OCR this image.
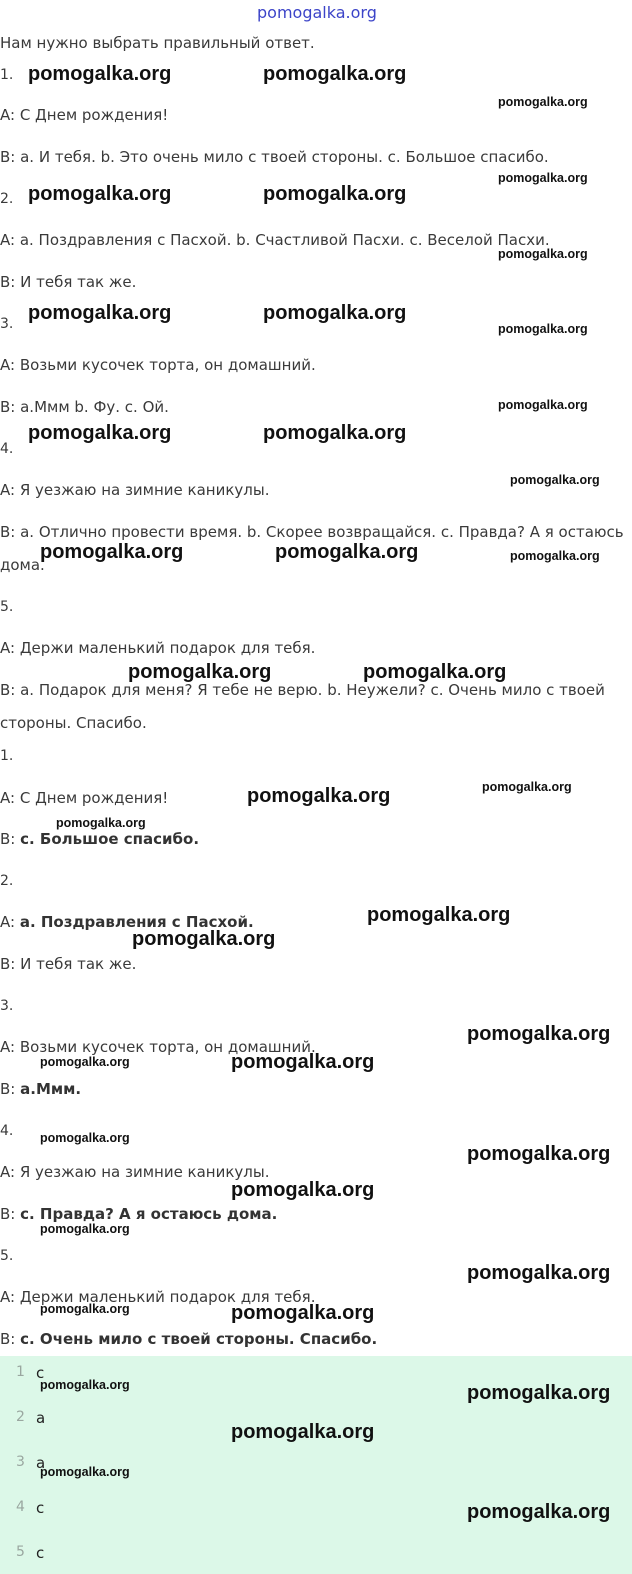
pomogalka.org
Нам нужно выбрать правильный ответ.
1.
A: С Днем рождения!
B: а. И тебя. b. Это очень мило с твоей стороны. c. Большое спасибо.
2.
A: а. Поздравления с Пасхой. b. Счастливой Пасхи. c. Веселой Пасхи.
B: И тебя так же.
3.
A: Возьми кусочек торта, он домашний.
B: а.Ммм b. Фу. c. Ой.
4.
A: Я уезжаю на зимние каникулы.
B: а. Отлично провести время. b. Скорее возвращайся. c. Правда? А я остаюсь
дома.
5.
A: Держи маленький подарок для тебя.
B: а. Подарок для меня? Я тебе не верю. b. Неужели? c. Очень мило с твоей
стороны. Спасибо.
1.
A: С Днем рождения!
B: с. Большое спасибо.
2.
A: а. Поздравления с Пасхой.
B: И тебя так же.
3.
A: Возьми кусочек торта, он домашний.
B: а.Ммм.
4.
A: Я уезжаю на зимние каникулы.
B: с. Правда? А я остаюсь дома.
5.
A: Держи маленький подарок для тебя.
B: с. Очень мило с твоей стороны. Спасибо.
1 c
2 a
3 a
4 c
5 c
pomogalka.org	pomogalka.org
pomogalka.org
pomogalka.org
pomogalka.org	pomogalka.org
pomogalka.org
pomogalka.org	pomogalka.org
pomogalka.org
pomogalka.org
pomogalka.org	pomogalka.org
pomogalka.org
pomogalka.org	pomogalka.org	pomogalka.org
pomogalka.org	pomogalka.org
pomogalka.org	pomogalka.org
pomogalka.org
pomogalka.org
pomogalka.org
pomogalka.org
pomogalka.org
pomogalka.org
pomogalka.org
pomogalka.org
pomogalka.org
pomogalka.org
pomogalka.org
pomogalka.org	pomogalka.org
pomogalka.org	pomogalka.org
pomogalka.org
pomogalka.org
pomogalka.org
